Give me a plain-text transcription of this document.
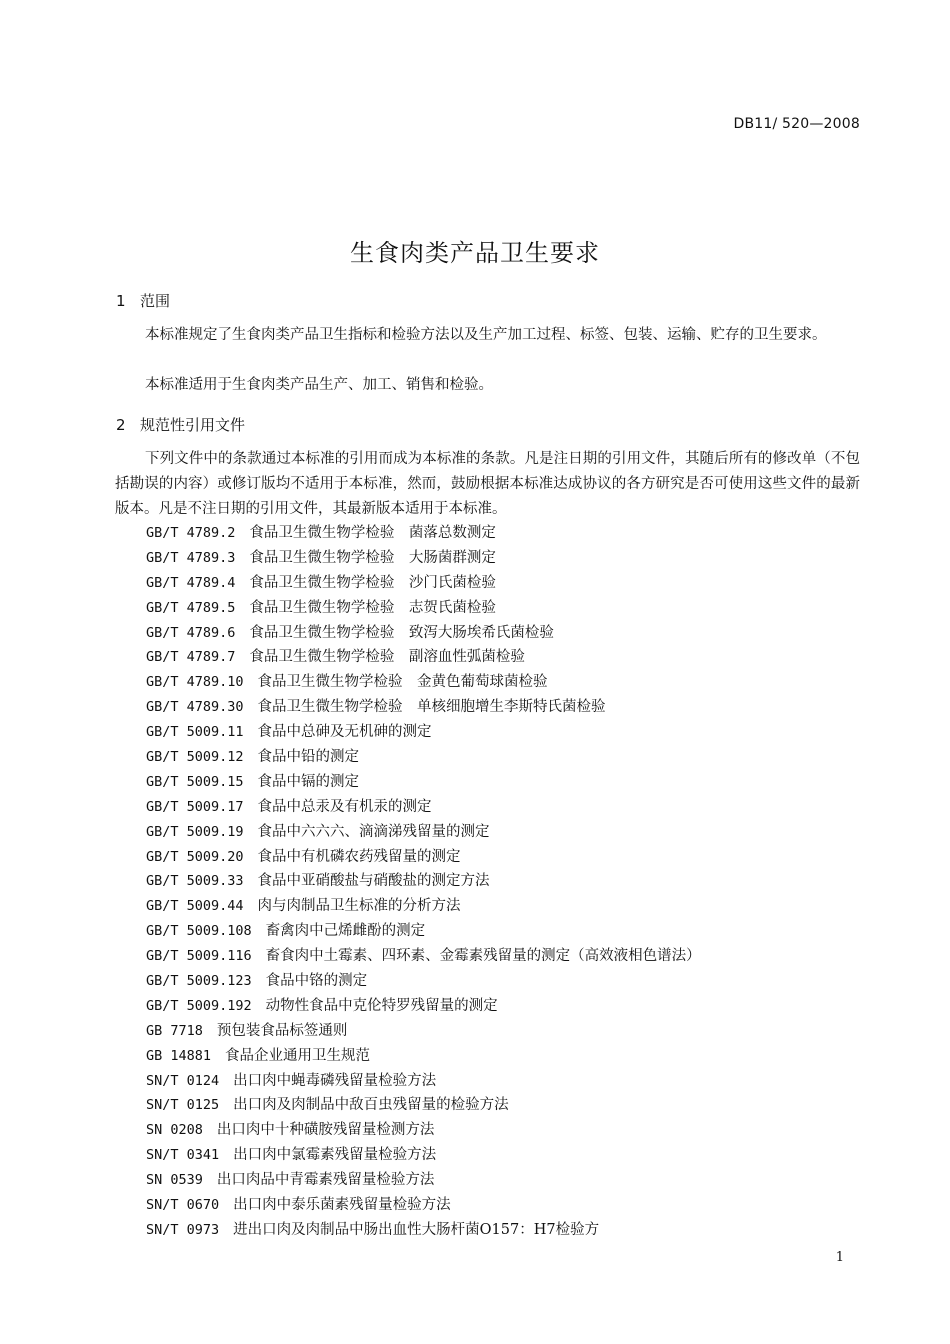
DB11/ 520—2008
生食肉类产品卫生要求
1 范围

本标准规定了生食肉类产品卫生指标和检验方法以及生产加工过程、标签、包装、运输、贮存的卫生要求。

本标准适用于生食肉类产品生产、加工、销售和检验。

2 规范性引用文件

下列文件中的条款通过本标准的引用而成为本标准的条款。凡是注日期的引用文件，其随后所有的修改单（不包括勘误的内容）或修订版均不适用于本标准，然而，鼓励根据本标准达成协议的各方研究是否可使用这些文件的最新版本。凡是不注日期的引用文件，其最新版本适用于本标准。

GB/T 4789.2 食品卫生微生物学检验　菌落总数测定
GB/T 4789.3 食品卫生微生物学检验　大肠菌群测定
GB/T 4789.4 食品卫生微生物学检验　沙门氏菌检验
GB/T 4789.5 食品卫生微生物学检验　志贺氏菌检验
GB/T 4789.6 食品卫生微生物学检验　致泻大肠埃希氏菌检验
GB/T 4789.7 食品卫生微生物学检验　副溶血性弧菌检验
GB/T 4789.10 食品卫生微生物学检验　金黄色葡萄球菌检验
GB/T 4789.30 食品卫生微生物学检验　单核细胞增生李斯特氏菌检验
GB/T 5009.11 食品中总砷及无机砷的测定
GB/T 5009.12 食品中铅的测定
GB/T 5009.15 食品中镉的测定
GB/T 5009.17 食品中总汞及有机汞的测定
GB/T 5009.19 食品中六六六、滴滴涕残留量的测定
GB/T 5009.20 食品中有机磷农药残留量的测定
GB/T 5009.33 食品中亚硝酸盐与硝酸盐的测定方法
GB/T 5009.44 肉与肉制品卫生标准的分析方法
GB/T 5009.108 畜禽肉中己烯雌酚的测定
GB/T 5009.116 畜食肉中土霉素、四环素、金霉素残留量的测定（高效液相色谱法）
GB/T 5009.123 食品中铬的测定
GB/T 5009.192 动物性食品中克伦特罗残留量的测定
GB 7718 预包装食品标签通则
GB 14881 食品企业通用卫生规范
SN/T 0124 出口肉中蝇毒磷残留量检验方法
SN/T 0125 出口肉及肉制品中敌百虫残留量的检验方法
SN 0208 出口肉中十种磺胺残留量检测方法
SN/T 0341 出口肉中氯霉素残留量检验方法
SN 0539 出口肉品中青霉素残留量检验方法
SN/T 0670 出口肉中泰乐菌素残留量检验方法
SN/T 0973 进出口肉及肉制品中肠出血性大肠杆菌O157：H7检验方
1
